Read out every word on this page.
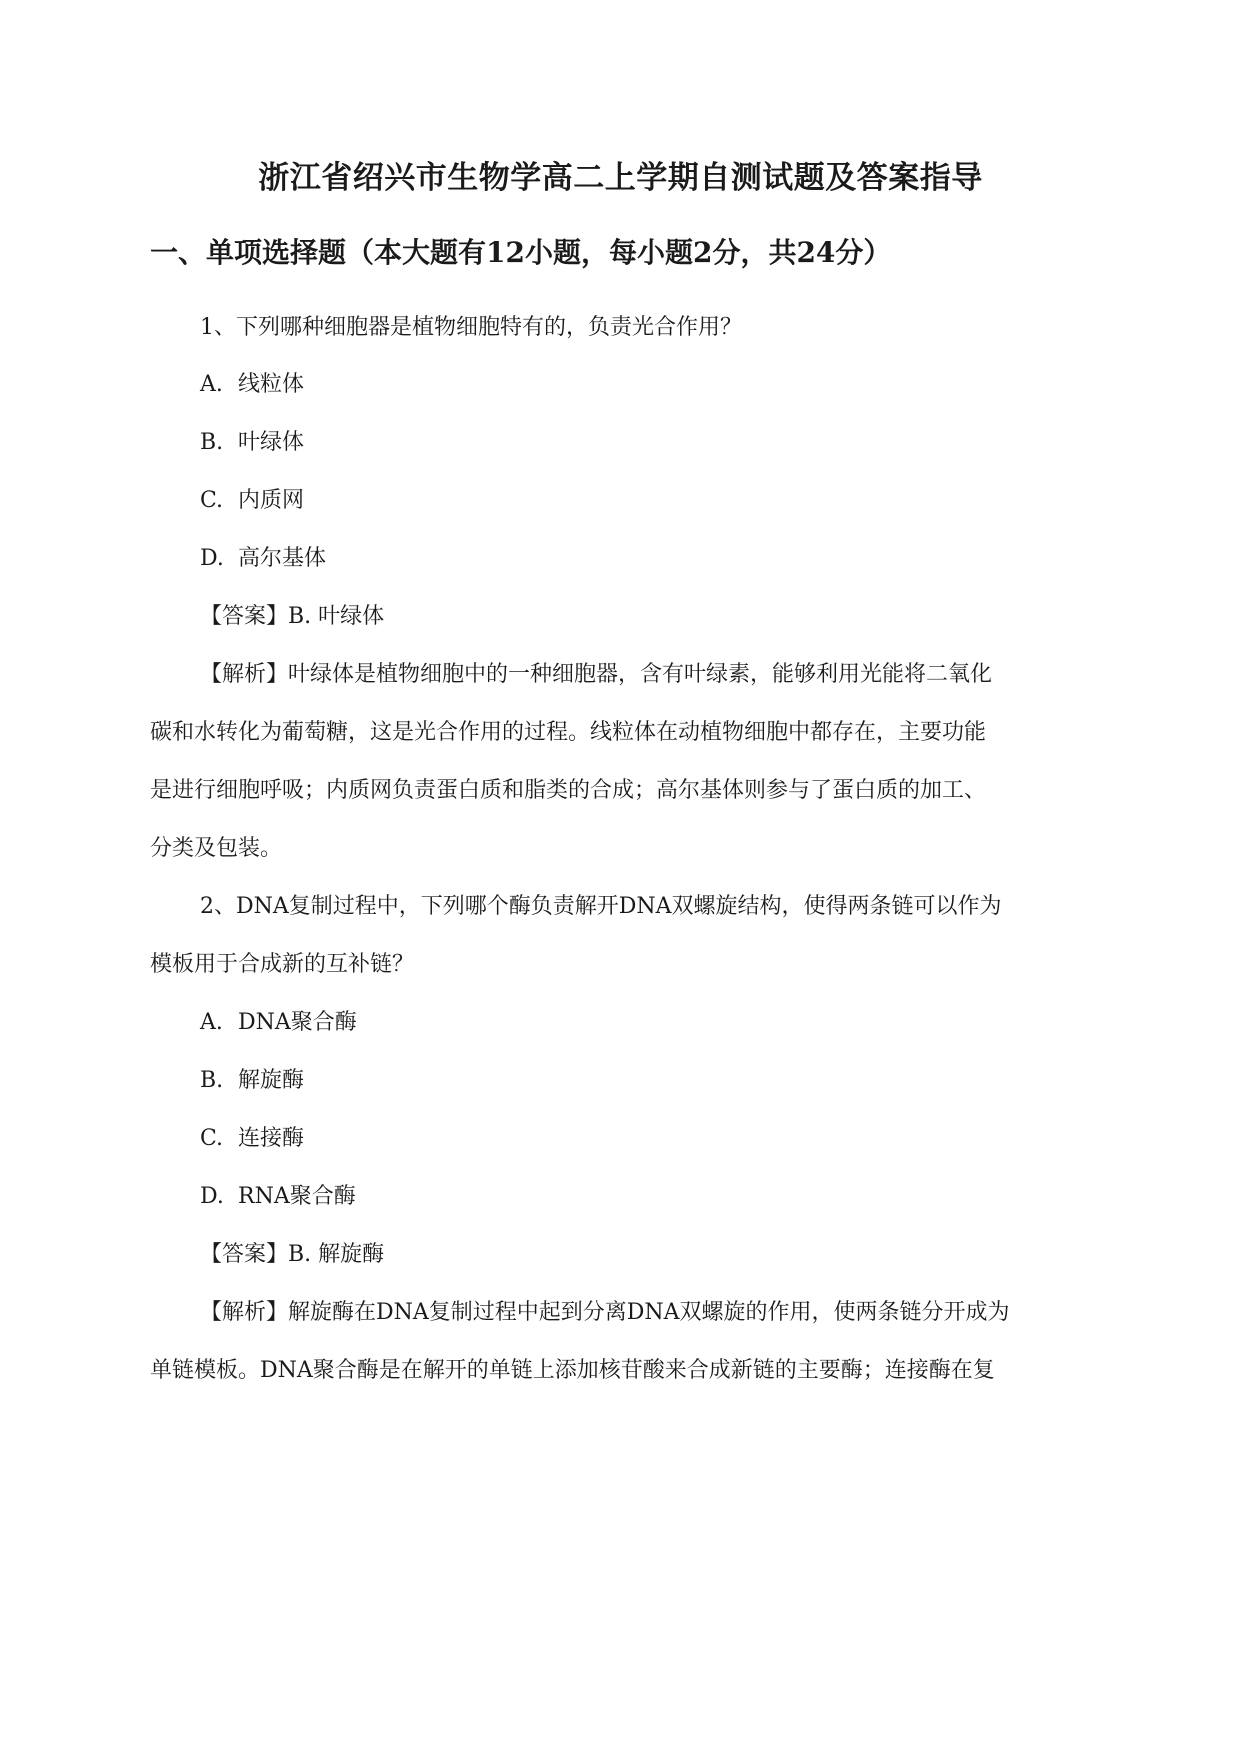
浙江省绍兴市生物学高二上学期自测试题及答案指导
一、单项选择题（本大题有12小题，每小题2分，共24分）
1、下列哪种细胞器是植物细胞特有的，负责光合作用？
A. 线粒体
B. 叶绿体
C. 内质网
D. 高尔基体
【答案】B. 叶绿体
【解析】叶绿体是植物细胞中的一种细胞器，含有叶绿素，能够利用光能将二氧化
碳和水转化为葡萄糖，这是光合作用的过程。线粒体在动植物细胞中都存在，主要功能
是进行细胞呼吸；内质网负责蛋白质和脂类的合成；高尔基体则参与了蛋白质的加工、
分类及包装。
2、DNA复制过程中，下列哪个酶负责解开DNA双螺旋结构，使得两条链可以作为
模板用于合成新的互补链？
A. DNA聚合酶
B. 解旋酶
C. 连接酶
D. RNA聚合酶
【答案】B. 解旋酶
【解析】解旋酶在DNA复制过程中起到分离DNA双螺旋的作用，使两条链分开成为
单链模板。DNA聚合酶是在解开的单链上添加核苷酸来合成新链的主要酶；连接酶在复
